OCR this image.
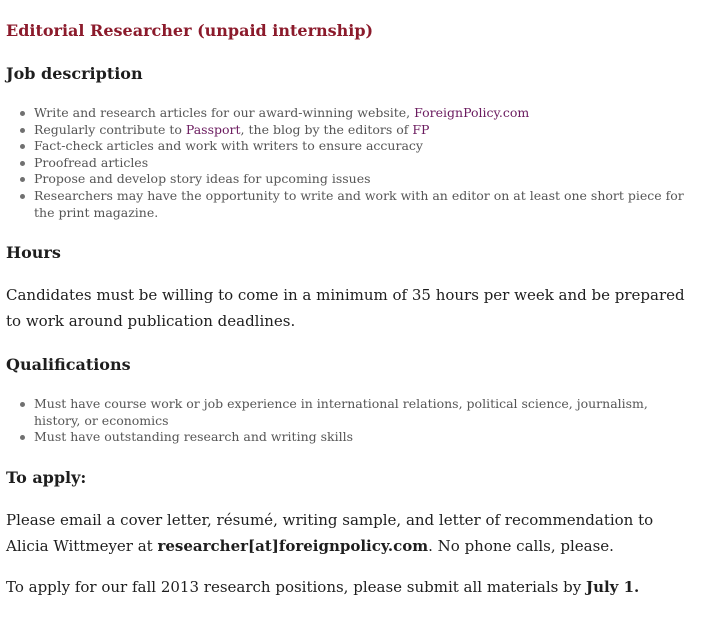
Editorial Researcher (unpaid internship)
Job description
Write and research articles for our award-winning website, ForeignPolicy.com
Regularly contribute to Passport, the blog by the editors of FP
Fact-check articles and work with writers to ensure accuracy
Proofread articles
Propose and develop story ideas for upcoming issues
Researchers may have the opportunity to write and work with an editor on at least one short piece for the print magazine.
Hours

Candidates must be willing to come in a minimum of 35 hours per week and be prepared to work around publication deadlines.

Qualifications
Must have course work or job experience in international relations, political science, journalism, history, or economics
Must have outstanding research and writing skills
To apply:

Please email a cover letter, résumé, writing sample, and letter of recommendation to Alicia Wittmeyer at researcher[at]foreignpolicy.com. No phone calls, please.

To apply for our fall 2013 research positions, please submit all materials by July 1.
